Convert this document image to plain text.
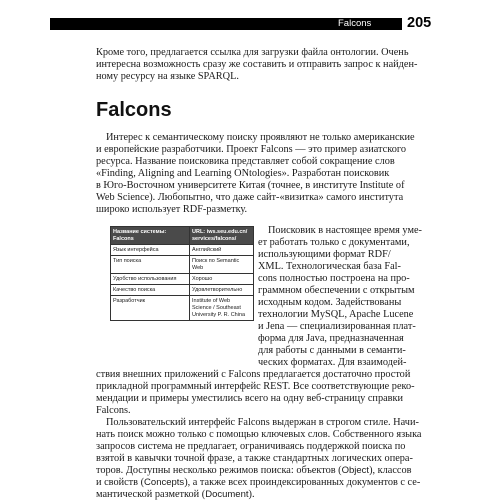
Falcons 205
Кроме того, предлагается ссылка для загрузки файла онтологии. Очень
интересна возможность сразу же составить и отправить запрос к найден-
ному ресурсу на языке SPARQL.
Falcons
Интерес к семантическому поиску проявляют не только американские
и европейские разработчики. Проект Falcons — это пример азиатского
ресурса. Название поисковика представляет собой сокращение слов
«Finding, Aligning and Learning ONtologies». Разработан поисковик
в Юго-Восточном университете Китая (точнее, в институте Institute of
Web Science). Любопытно, что даже сайт-«визитка» самого института
широко использует RDF-разметку.
Название системы: Falcons	URL: iws.seu.edu.cn/ services/falcons/
Язык интерфейса	Английский
Тип поиска	Поиск по Semantic Web
Удобство использования	Хорошо
Качество поиска	Удовлетворительно
Разработчик	Institute of Web Science / Southeast University P. R. China
Поисковик в настоящее время уме-
ет работать только с документами,
использующими формат RDF/
XML. Технологическая база Fal-
cons полностью построена на про-
граммном обеспечении с открытым
исходным кодом. Задействованы
технологии MySQL, Apache Lucene
и Jena — специализированная плат-
форма для Java, предназначенная
для работы с данными в семанти-
ческих форматах. Для взаимодей-
ствия внешних приложений с Falcons предлагается достаточно простой
прикладной программный интерфейс REST. Все соответствующие реко-
мендации и примеры уместились всего на одну веб-страницу справки
Falcons.
Пользовательский интерфейс Falcons выдержан в строгом стиле. Начи-
нать поиск можно только с помощью ключевых слов. Собственного языка
запросов система не предлагает, ограничиваясь поддержкой поиска по
взятой в кавычки точной фразе, а также стандартных логических опера-
торов. Доступны несколько режимов поиска: объектов (Object), классов
и свойств (Concepts), а также всех проиндексированных документов с се-
мантической разметкой (Document).
